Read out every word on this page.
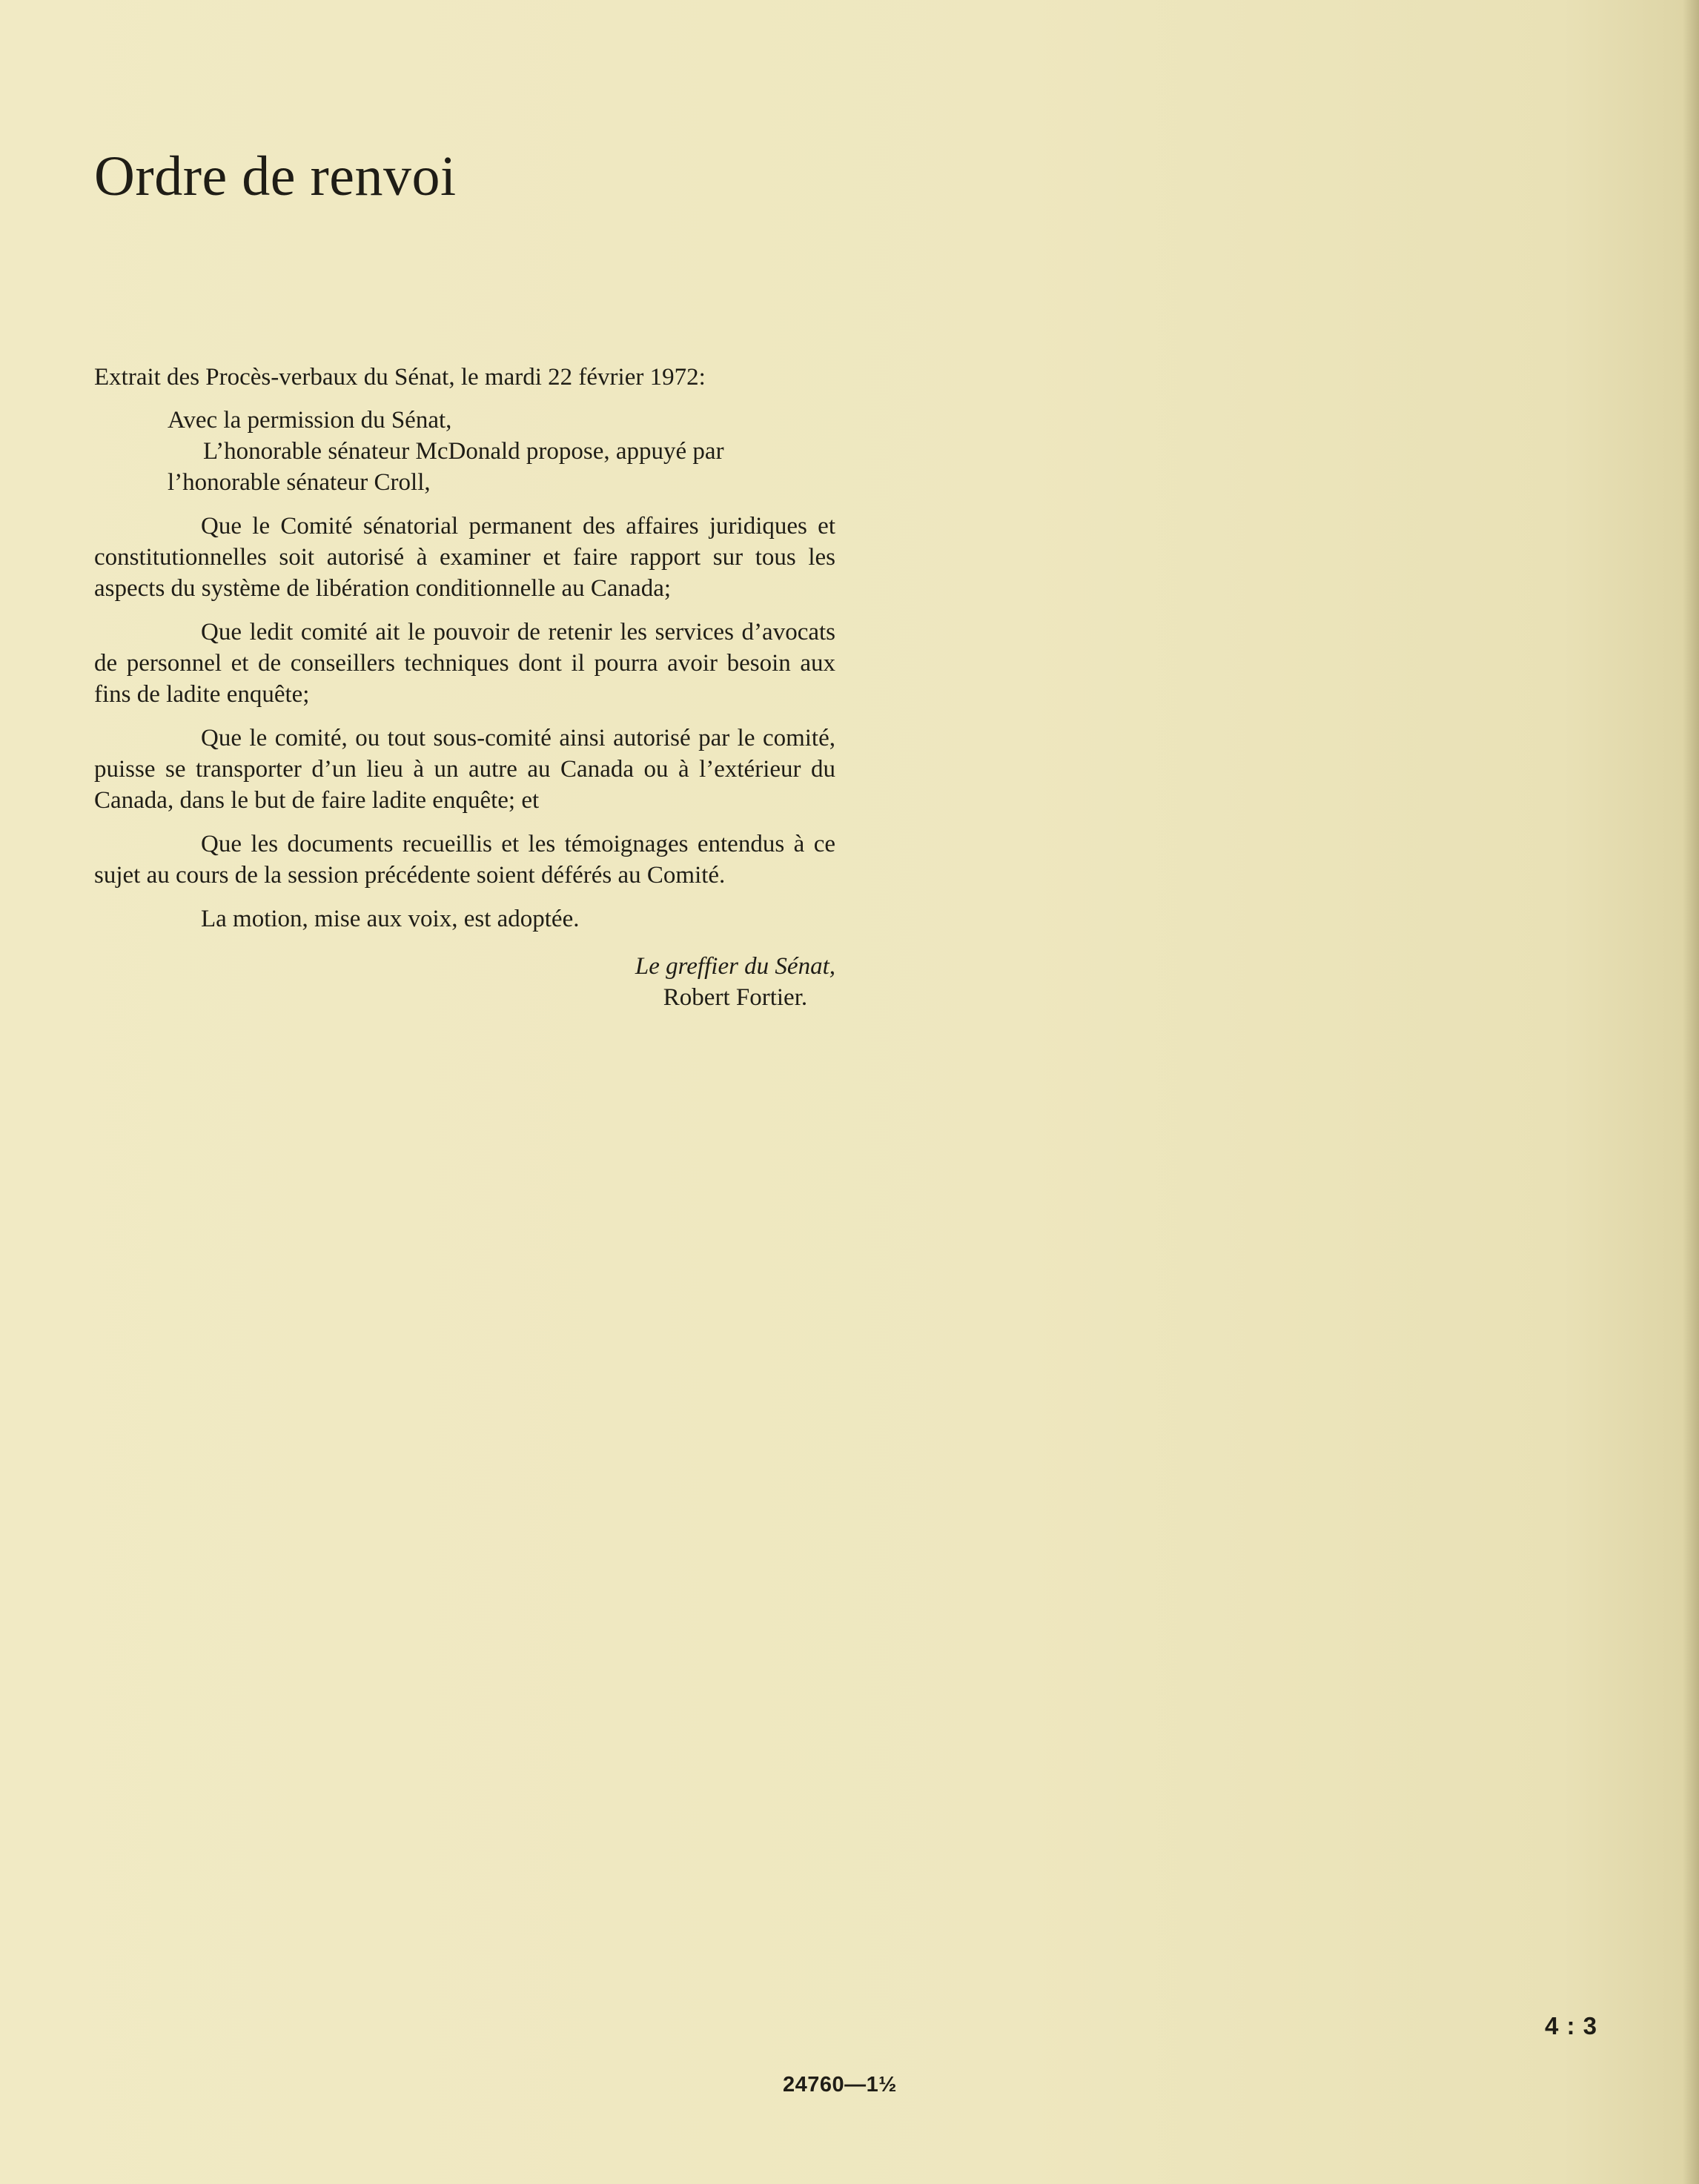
Ordre de renvoi

Extrait des Procès-verbaux du Sénat, le mardi 22 février 1972:

Avec la permission du Sénat,

L’honorable sénateur McDonald propose, appuyé par

l’honorable sénateur Croll,

Que le Comité sénatorial permanent des affaires juridiques et constitutionnelles soit autorisé à examiner et faire rapport sur tous les aspects du système de libération conditionnelle au Canada;

Que ledit comité ait le pouvoir de retenir les services d’avocats de personnel et de conseillers techniques dont il pourra avoir besoin aux fins de ladite enquête;

Que le comité, ou tout sous-comité ainsi autorisé par le comité, puisse se transporter d’un lieu à un autre au Canada ou à l’extérieur du Canada, dans le but de faire ladite enquête; et

Que les documents recueillis et les témoignages entendus à ce sujet au cours de la session précédente soient déférés au Comité.

La motion, mise aux voix, est adoptée.

Le greffier du Sénat,
Robert Fortier.
4 : 3
24760—1½
